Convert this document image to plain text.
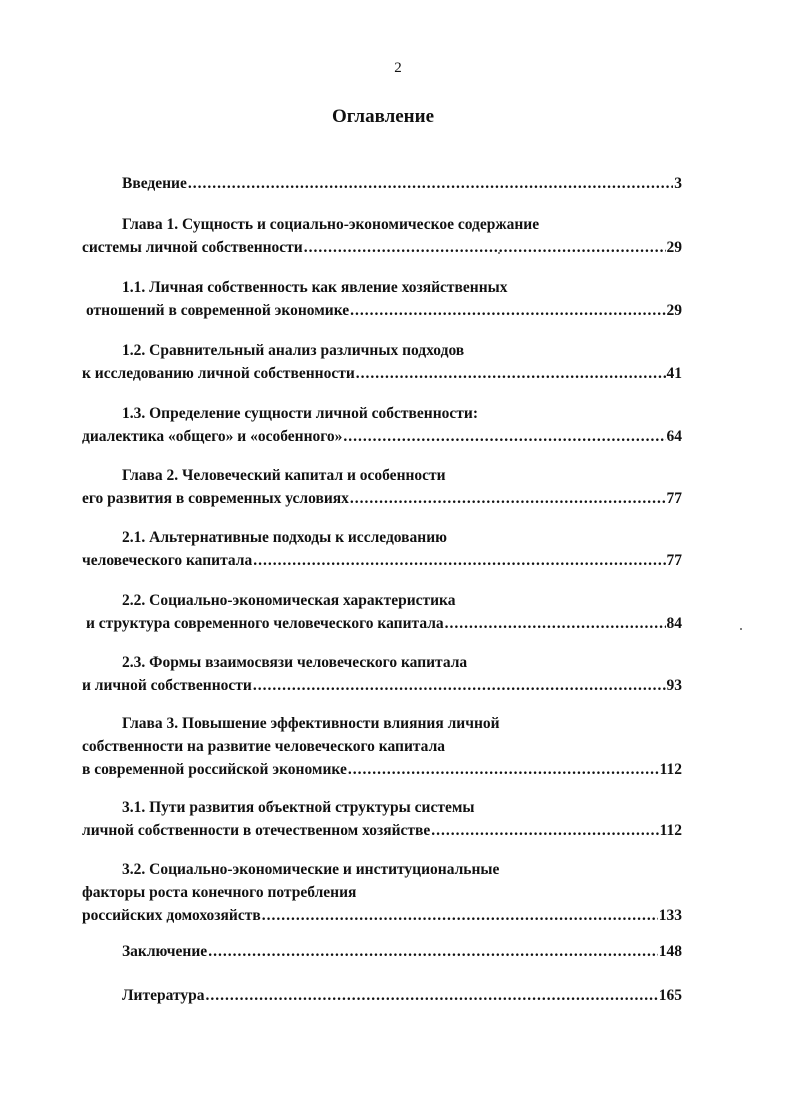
2
Оглавление
Введение .....	3
Глава 1. Сущность и социально-экономическое содержание
системы личной собственности .....	29
1.1. Личная собственность как явление хозяйственных
отношений в современной экономике .....	29
1.2. Сравнительный анализ различных подходов
к исследованию личной собственности .....	41
1.3. Определение сущности личной собственности:
диалектика «общего» и «особенного» .....	64
Глава 2. Человеческий капитал и особенности
его развития в современных условиях .....	77
2.1. Альтернативные подходы к исследованию
человеческого капитала .....	77
2.2. Социально-экономическая характеристика
и структура современного человеческого капитала .....	84
2.3. Формы взаимосвязи человеческого капитала
и личной собственности .....	93
Глава 3. Повышение эффективности влияния личной
собственности на развитие человеческого капитала
в современной российской экономике .....	112
3.1. Пути развития объектной структуры системы
личной собственности в отечественном хозяйстве .....	112
3.2. Социально-экономические и институциональные
факторы роста конечного потребления
российских домохозяйств .....	133
Заключение .....	148
Литература .....	165
